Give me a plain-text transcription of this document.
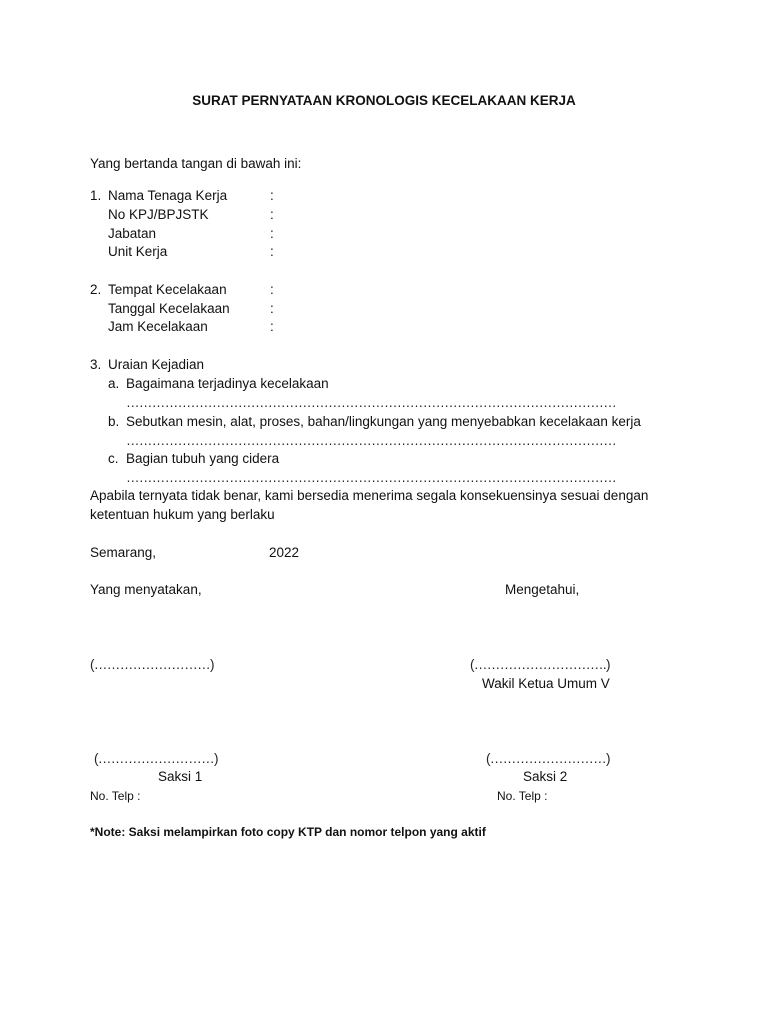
SURAT PERNYATAAN KRONOLOGIS KECELAKAAN KERJA
Yang bertanda tangan di bawah ini:
1. Nama Tenaga Kerja	:
No KPJ/BPJSTK	:
Jabatan	:
Unit Kerja	:
2. Tempat Kecelakaan	:
Tanggal Kecelakaan	:
Jam Kecelakaan	:
3. Uraian Kejadian
a. Bagaimana terjadinya kecelakaan
……………………………………………………………………………………………………
b. Sebutkan mesin, alat, proses, bahan/lingkungan yang menyebabkan kecelakaan kerja
……………………………………………………………………………………………………
c. Bagian tubuh yang cidera
……………………………………………………………………………………………………
Apabila ternyata tidak benar, kami bersedia menerima segala konsekuensinya sesuai dengan
ketentuan hukum yang berlaku
Semarang,	2022
Yang menyatakan,	Mengetahui,
(………………………)	(………………………….)
Wakil Ketua Umum V
(………………………)
Saksi 1
No. Telp :
(………………………)
Saksi 2
No. Telp :
*Note: Saksi melampirkan foto copy KTP dan nomor telpon yang aktif
